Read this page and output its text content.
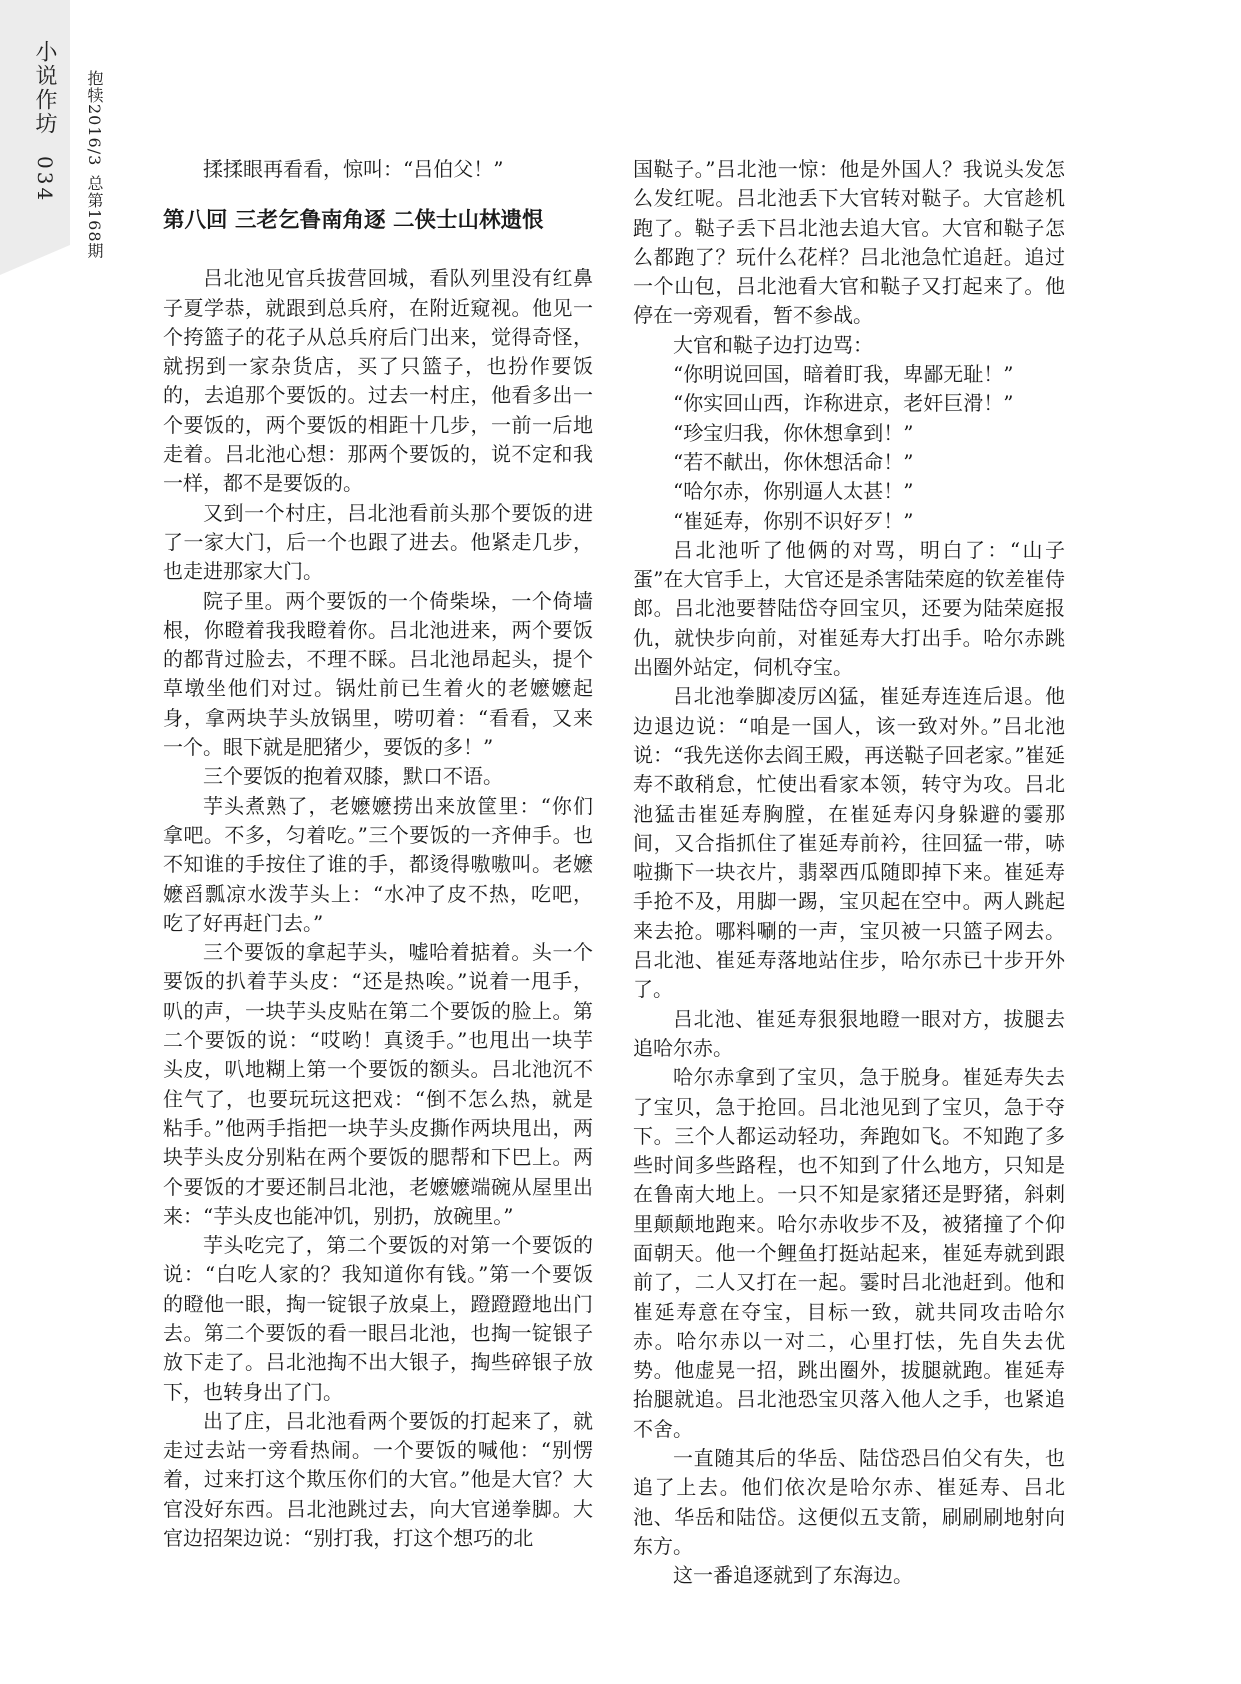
小说作坊
034
抱犊2016/3
总第168期

揉揉眼再看看，惊叫：“吕伯父！”

第八回 三老乞鲁南角逐 二侠士山林遗恨

吕北池见官兵拔营回城，看队列里没有红鼻子夏学恭，就跟到总兵府，在附近窥视。他见一个挎篮子的花子从总兵府后门出来，觉得奇怪，就拐到一家杂货店，买了只篮子，也扮作要饭的，去追那个要饭的。过去一村庄，他看多出一个要饭的，两个要饭的相距十几步，一前一后地走着。吕北池心想：那两个要饭的，说不定和我一样，都不是要饭的。

又到一个村庄，吕北池看前头那个要饭的进了一家大门，后一个也跟了进去。他紧走几步，也走进那家大门。

院子里。两个要饭的一个倚柴垛，一个倚墙根，你瞪着我我瞪着你。吕北池进来，两个要饭的都背过脸去，不理不睬。吕北池昂起头，提个草墩坐他们对过。锅灶前已生着火的老嬷嬷起身，拿两块芋头放锅里，唠叨着：“看看，又来一个。眼下就是肥猪少，要饭的多！”

三个要饭的抱着双膝，默口不语。

芋头煮熟了，老嬷嬷捞出来放筐里：“你们拿吧。不多，匀着吃。”三个要饭的一齐伸手。也不知谁的手按住了谁的手，都烫得嗷嗷叫。老嬷嬷舀瓢凉水泼芋头上：“水冲了皮不热，吃吧，吃了好再赶门去。”

三个要饭的拿起芋头，嘘哈着掂着。头一个要饭的扒着芋头皮：“还是热唉。”说着一甩手，叭的声，一块芋头皮贴在第二个要饭的脸上。第二个要饭的说：“哎哟！真烫手。”也甩出一块芋头皮，叭地糊上第一个要饭的额头。吕北池沉不住气了，也要玩玩这把戏：“倒不怎么热，就是粘手。”他两手指把一块芋头皮撕作两块甩出，两块芋头皮分别粘在两个要饭的腮帮和下巴上。两个要饭的才要还制吕北池，老嬷嬷端碗从屋里出来：“芋头皮也能冲饥，别扔，放碗里。”

芋头吃完了，第二个要饭的对第一个要饭的说：“白吃人家的？我知道你有钱。”第一个要饭的瞪他一眼，掏一锭银子放桌上，蹬蹬蹬地出门去。第二个要饭的看一眼吕北池，也掏一锭银子放下走了。吕北池掏不出大银子，掏些碎银子放下，也转身出了门。

出了庄，吕北池看两个要饭的打起来了，就走过去站一旁看热闹。一个要饭的喊他：“别愣着，过来打这个欺压你们的大官。”他是大官？大官没好东西。吕北池跳过去，向大官递拳脚。大官边招架边说：“别打我，打这个想巧的北

国鞑子。”吕北池一惊：他是外国人？我说头发怎么发红呢。吕北池丢下大官转对鞑子。大官趁机跑了。鞑子丢下吕北池去追大官。大官和鞑子怎么都跑了？玩什么花样？吕北池急忙追赶。追过一个山包，吕北池看大官和鞑子又打起来了。他停在一旁观看，暂不参战。

大官和鞑子边打边骂：

“你明说回国，暗着盯我，卑鄙无耻！”

“你实回山西，诈称进京，老奸巨滑！”

“珍宝归我，你休想拿到！”

“若不献出，你休想活命！”

“哈尔赤，你别逼人太甚！”

“崔延寿，你别不识好歹！”

吕北池听了他俩的对骂，明白了：“山子蛋”在大官手上，大官还是杀害陆荣庭的钦差崔侍郎。吕北池要替陆岱夺回宝贝，还要为陆荣庭报仇，就快步向前，对崔延寿大打出手。哈尔赤跳出圈外站定，伺机夺宝。

吕北池拳脚凌厉凶猛，崔延寿连连后退。他边退边说：“咱是一国人，该一致对外。”吕北池说：“我先送你去阎王殿，再送鞑子回老家。”崔延寿不敢稍怠，忙使出看家本领，转守为攻。吕北池猛击崔延寿胸膛，在崔延寿闪身躲避的霎那间，又合指抓住了崔延寿前衿，往回猛一带，哧啦撕下一块衣片，翡翠西瓜随即掉下来。崔延寿手抢不及，用脚一踢，宝贝起在空中。两人跳起来去抢。哪料唰的一声，宝贝被一只篮子网去。吕北池、崔延寿落地站住步，哈尔赤已十步开外了。

吕北池、崔延寿狠狠地瞪一眼对方，拔腿去追哈尔赤。

哈尔赤拿到了宝贝，急于脱身。崔延寿失去了宝贝，急于抢回。吕北池见到了宝贝，急于夺下。三个人都运动轻功，奔跑如飞。不知跑了多些时间多些路程，也不知到了什么地方，只知是在鲁南大地上。一只不知是家猪还是野猪，斜刺里颠颠地跑来。哈尔赤收步不及，被猪撞了个仰面朝天。他一个鲤鱼打挺站起来，崔延寿就到跟前了，二人又打在一起。霎时吕北池赶到。他和崔延寿意在夺宝，目标一致，就共同攻击哈尔赤。哈尔赤以一对二，心里打怯，先自失去优势。他虚晃一招，跳出圈外，拔腿就跑。崔延寿抬腿就追。吕北池恐宝贝落入他人之手，也紧追不舍。

一直随其后的华岳、陆岱恐吕伯父有失，也追了上去。他们依次是哈尔赤、崔延寿、吕北池、华岳和陆岱。这便似五支箭，刷刷刷地射向东方。

这一番追逐就到了东海边。
